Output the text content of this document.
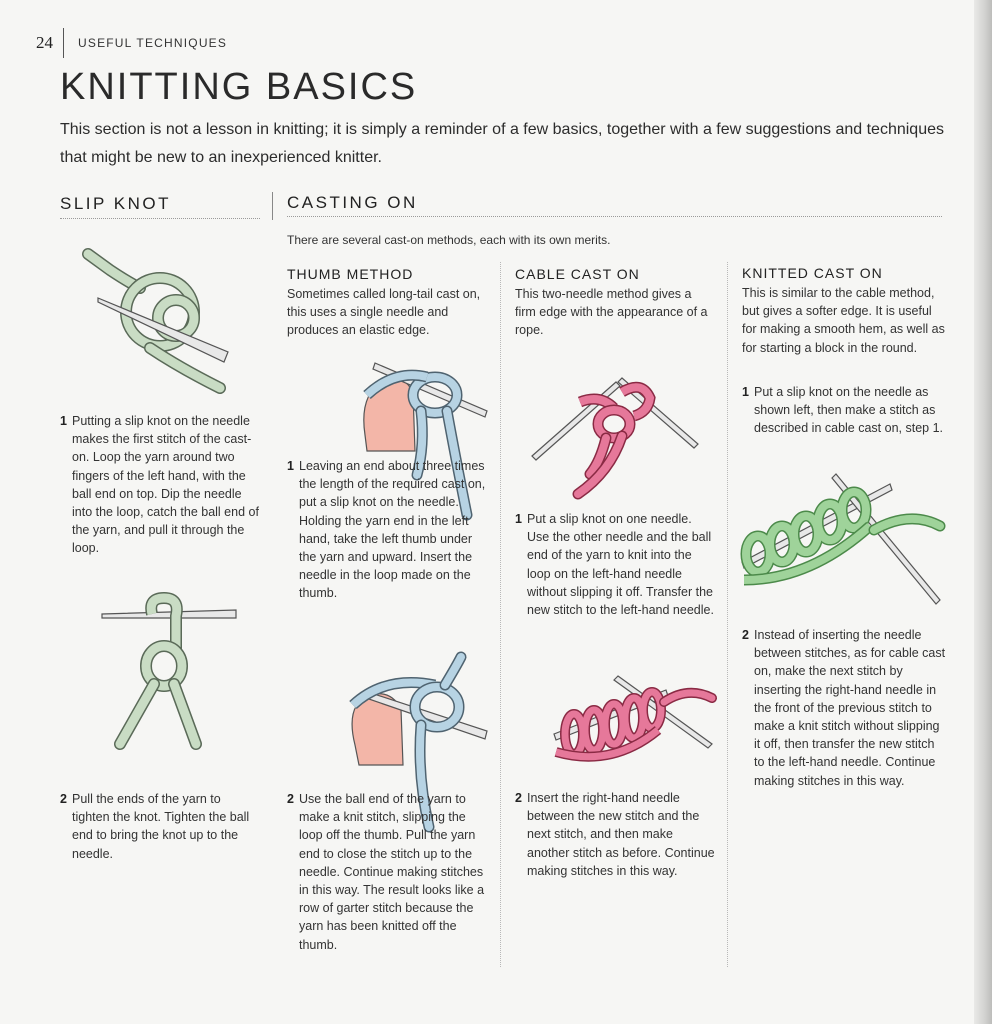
24 USEFUL TECHNIQUES
KNITTING BASICS

This section is not a lesson in knitting; it is simply a reminder of a few basics, together with a few suggestions and techniques that might be new to an inexperienced knitter.

SLIP KNOT	CASTING ON
There are several cast-on methods, each with its own merits.
1 Putting a slip knot on the needle makes the first stitch of the cast-on. Loop the yarn around two fingers of the left hand, with the ball end on top. Dip the needle into the loop, catch the ball end of the yarn, and pull it through the loop.
2 Pull the ends of the yarn to tighten the knot. Tighten the ball end to bring the knot up to the needle.
THUMB METHOD
Sometimes called long-tail cast on, this uses a single needle and produces an elastic edge.
1 Leaving an end about three times the length of the required cast on, put a slip knot on the needle. Holding the yarn end in the left hand, take the left thumb under the yarn and upward. Insert the needle in the loop made on the thumb.
2 Use the ball end of the yarn to make a knit stitch, slipping the loop off the thumb. Pull the yarn end to close the stitch up to the needle. Continue making stitches in this way. The result looks like a row of garter stitch because the yarn has been knitted off the thumb.
CABLE CAST ON
This two-needle method gives a firm edge with the appearance of a rope.
1 Put a slip knot on one needle. Use the other needle and the ball end of the yarn to knit into the loop on the left-hand needle without slipping it off. Transfer the new stitch to the left-hand needle.
2 Insert the right-hand needle between the new stitch and the next stitch, and then make another stitch as before. Continue making stitches in this way.
KNITTED CAST ON
This is similar to the cable method, but gives a softer edge. It is useful for making a smooth hem, as well as for starting a block in the round.
1 Put a slip knot on the needle as shown left, then make a stitch as described in cable cast on, step 1.
2 Instead of inserting the needle between stitches, as for cable cast on, make the next stitch by inserting the right-hand needle in the front of the previous stitch to make a knit stitch without slipping it off, then transfer the new stitch to the left-hand needle. Continue making stitches in this way.
